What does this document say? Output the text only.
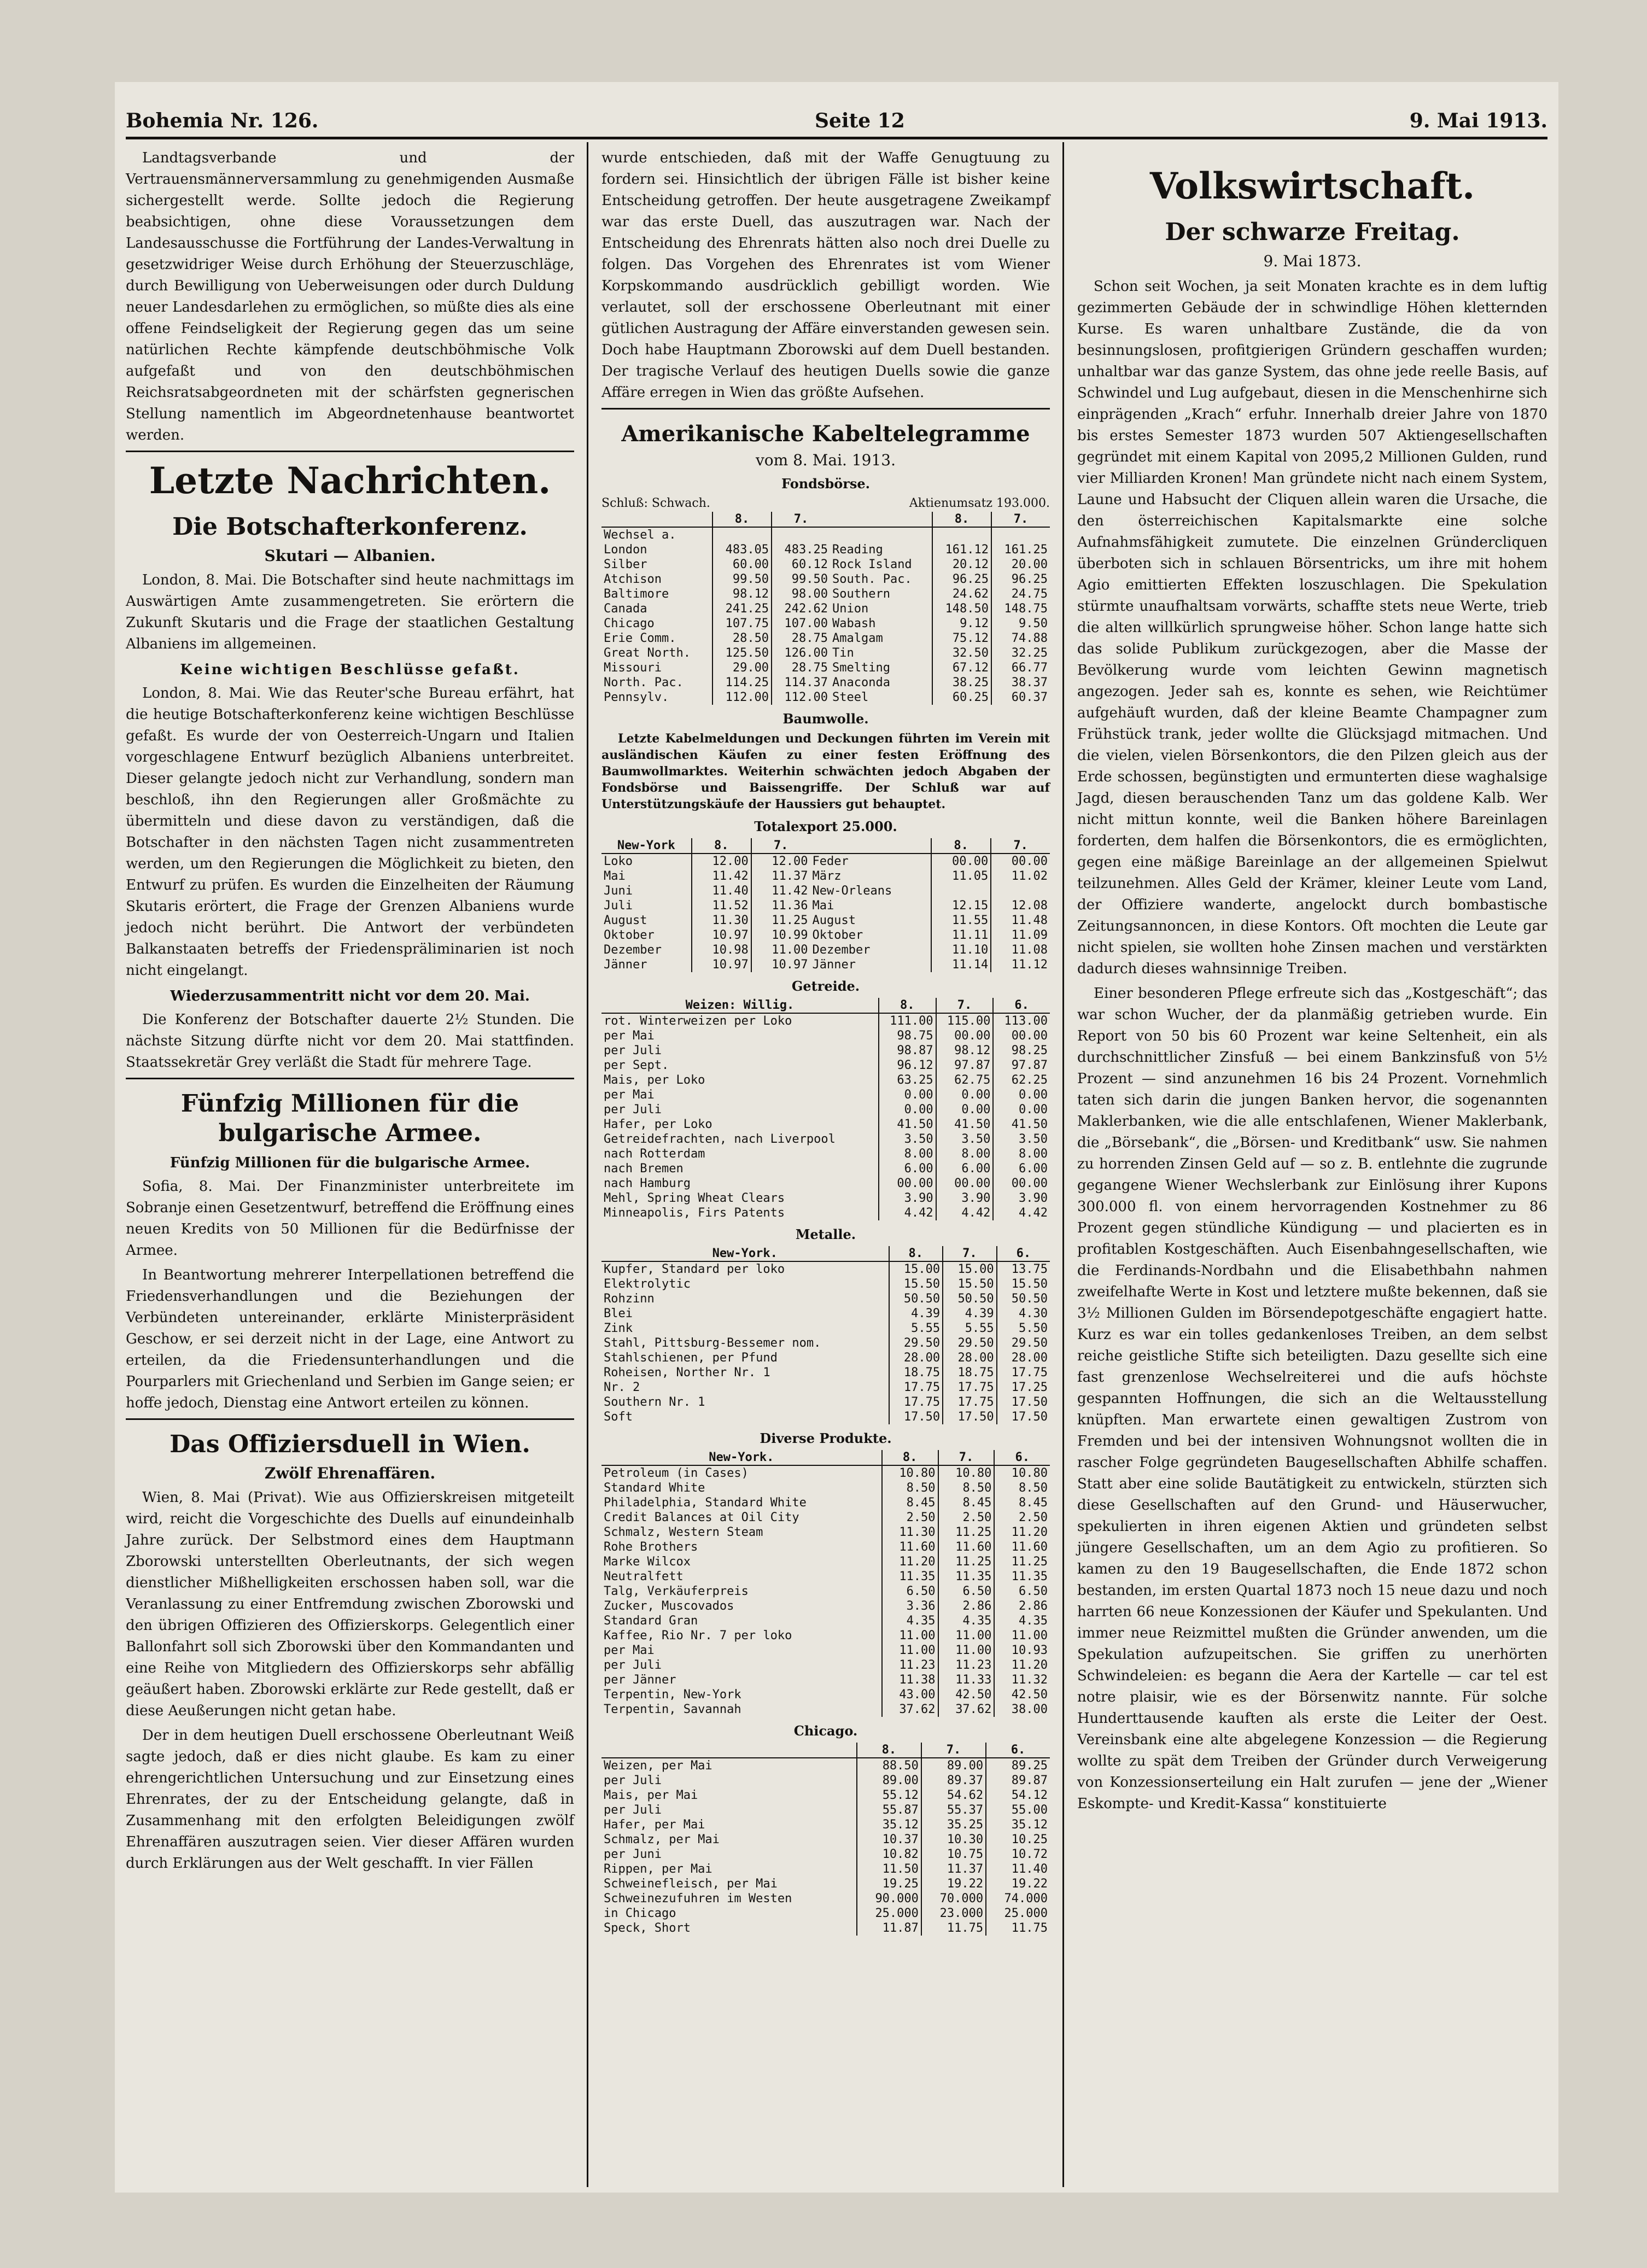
Bohemia Nr. 126.	Seite 12	9. Mai 1913.

Landtagsverbande und der Vertrauensmännerversammlung zu genehmigenden Ausmaße sichergestellt werde. Sollte jedoch die Regierung beabsichtigen, ohne diese Voraussetzungen dem Landesausschusse die Fortführung der Landes-Verwaltung in gesetzwidriger Weise durch Erhöhung der Steuerzuschläge, durch Bewilligung von Ueberweisungen oder durch Duldung neuer Landesdarlehen zu ermöglichen, so müßte dies als eine offene Feindseligkeit der Regierung gegen das um seine natürlichen Rechte kämpfende deutschböhmische Volk aufgefaßt und von den deutschböhmischen Reichsratsabgeordneten mit der schärfsten gegnerischen Stellung namentlich im Abgeordnetenhause beantwortet werden.

Letzte Nachrichten.
Die Botschafterkonferenz.
Skutari — Albanien.

London, 8. Mai. Die Botschafter sind heute nachmittags im Auswärtigen Amte zusammengetreten. Sie erörtern die Zukunft Skutaris und die Frage der staatlichen Gestaltung Albaniens im allgemeinen.

Keine wichtigen Beschlüsse gefaßt.

London, 8. Mai. Wie das Reuter'sche Bureau erfährt, hat die heutige Botschafterkonferenz keine wichtigen Beschlüsse gefaßt. Es wurde der von Oesterreich-Ungarn und Italien vorgeschlagene Entwurf bezüglich Albaniens unterbreitet. Dieser gelangte jedoch nicht zur Verhandlung, sondern man beschloß, ihn den Regierungen aller Großmächte zu übermitteln und diese davon zu verständigen, daß die Botschafter in den nächsten Tagen nicht zusammentreten werden, um den Regierungen die Möglichkeit zu bieten, den Entwurf zu prüfen. Es wurden die Einzelheiten der Räumung Skutaris erörtert, die Frage der Grenzen Albaniens wurde jedoch nicht berührt. Die Antwort der verbündeten Balkanstaaten betreffs der Friedenspräliminarien ist noch nicht eingelangt.

Wiederzusammentritt nicht vor dem 20. Mai.

Die Konferenz der Botschafter dauerte 2½ Stunden. Die nächste Sitzung dürfte nicht vor dem 20. Mai stattfinden. Staatssekretär Grey verläßt die Stadt für mehrere Tage.

Fünfzig Millionen für die bulgarische Armee.
Fünfzig Millionen für die bulgarische Armee.

Sofia, 8. Mai. Der Finanzminister unterbreitete im Sobranje einen Gesetzentwurf, betreffend die Eröffnung eines neuen Kredits von 50 Millionen für die Bedürfnisse der Armee.

In Beantwortung mehrerer Interpellationen betreffend die Friedensverhandlungen und die Beziehungen der Verbündeten untereinander, erklärte Ministerpräsident Geschow, er sei derzeit nicht in der Lage, eine Antwort zu erteilen, da die Friedensunterhandlungen und die Pourparlers mit Griechenland und Serbien im Gange seien; er hoffe jedoch, Dienstag eine Antwort erteilen zu können.

Das Offiziersduell in Wien.
Zwölf Ehrenaffären.

Wien, 8. Mai (Privat). Wie aus Offizierskreisen mitgeteilt wird, reicht die Vorgeschichte des Duells auf einundeinhalb Jahre zurück. Der Selbstmord eines dem Hauptmann Zborowski unterstellten Oberleutnants, der sich wegen dienstlicher Mißhelligkeiten erschossen haben soll, war die Veranlassung zu einer Entfremdung zwischen Zborowski und den übrigen Offizieren des Offizierskorps. Gelegentlich einer Ballonfahrt soll sich Zborowski über den Kommandanten und eine Reihe von Mitgliedern des Offizierskorps sehr abfällig geäußert haben. Zborowski erklärte zur Rede gestellt, daß er diese Aeußerungen nicht getan habe.

Der in dem heutigen Duell erschossene Oberleutnant Weiß sagte jedoch, daß er dies nicht glaube. Es kam zu einer ehrengerichtlichen Untersuchung und zur Einsetzung eines Ehrenrates, der zu der Entscheidung gelangte, daß in Zusammenhang mit den erfolgten Beleidigungen zwölf Ehrenaffären auszutragen seien. Vier dieser Affären wurden durch Erklärungen aus der Welt geschafft. In vier Fällen

wurde entschieden, daß mit der Waffe Genugtuung zu fordern sei. Hinsichtlich der übrigen Fälle ist bisher keine Entscheidung getroffen. Der heute ausgetragene Zweikampf war das erste Duell, das auszutragen war. Nach der Entscheidung des Ehrenrats hätten also noch drei Duelle zu folgen. Das Vorgehen des Ehrenrates ist vom Wiener Korpskommando ausdrücklich gebilligt worden. Wie verlautet, soll der erschossene Oberleutnant mit einer gütlichen Austragung der Affäre einverstanden gewesen sein. Doch habe Hauptmann Zborowski auf dem Duell bestanden. Der tragische Verlauf des heutigen Duells sowie die ganze Affäre erregen in Wien das größte Aufsehen.

Amerikanische Kabeltelegramme
vom 8. Mai. 1913.
Fondsbörse.
Schluß: Schwach.	Aktienumsatz 193.000.
	8.	7.		8.	7.
Wechsel a.					
London	483.05	483.25	Reading	161.12	161.25
Silber	60.00	60.12	Rock Island	20.12	20.00
Atchison	99.50	99.50	South. Pac.	96.25	96.25
Baltimore	98.12	98.00	Southern	24.62	24.75
Canada	241.25	242.62	Union	148.50	148.75
Chicago	107.75	107.00	Wabash	9.12	9.50
Erie Comm.	28.50	28.75	Amalgam	75.12	74.88
Great North.	125.50	126.00	Tin	32.50	32.25
Missouri	29.00	28.75	Smelting	67.12	66.77
North. Pac.	114.25	114.37	Anaconda	38.25	38.37
Pennsylv.	112.00	112.00	Steel	60.25	60.37
Baumwolle.

Letzte Kabelmeldungen und Deckungen führten im Verein mit ausländischen Käufen zu einer festen Eröffnung des Baumwollmarktes. Weiterhin schwächten jedoch Abgaben der Fondsbörse und Baissengriffe. Der Schluß war auf Unterstützungskäufe der Haussiers gut behauptet.

Totalexport 25.000.
New-York	8.	7.		8.	7.
Loko	12.00	12.00	Feder	00.00	00.00
Mai	11.42	11.37	März	11.05	11.02
Juni	11.40	11.42	New-Orleans		
Juli	11.52	11.36	Mai	12.15	12.08
August	11.30	11.25	August	11.55	11.48
Oktober	10.97	10.99	Oktober	11.11	11.09
Dezember	10.98	11.00	Dezember	11.10	11.08
Jänner	10.97	10.97	Jänner	11.14	11.12
Getreide.
Weizen: Willig.	8.	7.	6.
rot. Winterweizen per Loko	111.00	115.00	113.00
per Mai	98.75	00.00	00.00
per Juli	98.87	98.12	98.25
per Sept.	96.12	97.87	97.87
Mais, per Loko	63.25	62.75	62.25
per Mai	0.00	0.00	0.00
per Juli	0.00	0.00	0.00
Hafer, per Loko	41.50	41.50	41.50
Getreidefrachten, nach Liverpool	3.50	3.50	3.50
nach Rotterdam	8.00	8.00	8.00
nach Bremen	6.00	6.00	6.00
nach Hamburg	00.00	00.00	00.00
Mehl, Spring Wheat Clears	3.90	3.90	3.90
Minneapolis, Firs Patents	4.42	4.42	4.42
Metalle.
New-York.	8.	7.	6.
Kupfer, Standard per loko	15.00	15.00	13.75
Elektrolytic	15.50	15.50	15.50
Rohzinn	50.50	50.50	50.50
Blei	4.39	4.39	4.30
Zink	5.55	5.55	5.50
Stahl, Pittsburg-Bessemer nom.	29.50	29.50	29.50
Stahlschienen, per Pfund	28.00	28.00	28.00
Roheisen, Norther Nr. 1	18.75	18.75	17.75
Nr. 2	17.75	17.75	17.25
Southern Nr. 1	17.75	17.75	17.50
Soft	17.50	17.50	17.50
Diverse Produkte.
New-York.	8.	7.	6.
Petroleum (in Cases)	10.80	10.80	10.80
Standard White	8.50	8.50	8.50
Philadelphia, Standard White	8.45	8.45	8.45
Credit Balances at Oil City	2.50	2.50	2.50
Schmalz, Western Steam	11.30	11.25	11.20
Rohe Brothers	11.60	11.60	11.60
Marke Wilcox	11.20	11.25	11.25
Neutralfett	11.35	11.35	11.35
Talg, Verkäuferpreis	6.50	6.50	6.50
Zucker, Muscovados	3.36	2.86	2.86
Standard Gran	4.35	4.35	4.35
Kaffee, Rio Nr. 7 per loko	11.00	11.00	11.00
per Mai	11.00	11.00	10.93
per Juli	11.23	11.23	11.20
per Jänner	11.38	11.33	11.32
Terpentin, New-York	43.00	42.50	42.50
Terpentin, Savannah	37.62	37.62	38.00
Chicago.
	8.	7.	6.
Weizen, per Mai	88.50	89.00	89.25
per Juli	89.00	89.37	89.87
Mais, per Mai	55.12	54.62	54.12
per Juli	55.87	55.37	55.00
Hafer, per Mai	35.12	35.25	35.12
Schmalz, per Mai	10.37	10.30	10.25
per Juni	10.82	10.75	10.72
Rippen, per Mai	11.50	11.37	11.40
Schweinefleisch, per Mai	19.25	19.22	19.22
Schweinezufuhren im Westen	90.000	70.000	74.000
in Chicago	25.000	23.000	25.000
Speck, Short	11.87	11.75	11.75
Volkswirtschaft.
Der schwarze Freitag.
9. Mai 1873.

Schon seit Wochen, ja seit Monaten krachte es in dem luftig gezimmerten Gebäude der in schwindlige Höhen kletternden Kurse. Es waren unhaltbare Zustände, die da von besinnungslosen, profitgierigen Gründern geschaffen wurden; unhaltbar war das ganze System, das ohne jede reelle Basis, auf Schwindel und Lug aufgebaut, diesen in die Menschenhirne sich einprägenden „Krach“ erfuhr. Innerhalb dreier Jahre von 1870 bis erstes Semester 1873 wurden 507 Aktiengesellschaften gegründet mit einem Kapital von 2095,2 Millionen Gulden, rund vier Milliarden Kronen! Man gründete nicht nach einem System, Laune und Habsucht der Cliquen allein waren die Ursache, die den österreichischen Kapitalsmarkte eine solche Aufnahmsfähigkeit zumutete. Die einzelnen Gründercliquen überboten sich in schlauen Börsentricks, um ihre mit hohem Agio emittierten Effekten loszuschlagen. Die Spekulation stürmte unaufhaltsam vorwärts, schaffte stets neue Werte, trieb die alten willkürlich sprungweise höher. Schon lange hatte sich das solide Publikum zurückgezogen, aber die Masse der Bevölkerung wurde vom leichten Gewinn magnetisch angezogen. Jeder sah es, konnte es sehen, wie Reichtümer aufgehäuft wurden, daß der kleine Beamte Champagner zum Frühstück trank, jeder wollte die Glücksjagd mitmachen. Und die vielen, vielen Börsenkontors, die den Pilzen gleich aus der Erde schossen, begünstigten und ermunterten diese waghalsige Jagd, diesen berauschenden Tanz um das goldene Kalb. Wer nicht mittun konnte, weil die Banken höhere Bareinlagen forderten, dem halfen die Börsenkontors, die es ermöglichten, gegen eine mäßige Bareinlage an der allgemeinen Spielwut teilzunehmen. Alles Geld der Krämer, kleiner Leute vom Land, der Offiziere wanderte, angelockt durch bombastische Zeitungsannoncen, in diese Kontors. Oft mochten die Leute gar nicht spielen, sie wollten hohe Zinsen machen und verstärkten dadurch dieses wahnsinnige Treiben.

Einer besonderen Pflege erfreute sich das „Kostgeschäft“; das war schon Wucher, der da planmäßig getrieben wurde. Ein Report von 50 bis 60 Prozent war keine Seltenheit, ein als durchschnittlicher Zinsfuß — bei einem Bankzinsfuß von 5½ Prozent — sind anzunehmen 16 bis 24 Prozent. Vornehmlich taten sich darin die jungen Banken hervor, die sogenannten Maklerbanken, wie die alle entschlafenen, Wiener Maklerbank, die „Börsebank“, die „Börsen- und Kreditbank“ usw. Sie nahmen zu horrenden Zinsen Geld auf — so z. B. entlehnte die zugrunde gegangene Wiener Wechslerbank zur Einlösung ihrer Kupons 300.000 fl. von einem hervorragenden Kostnehmer zu 86 Prozent gegen stündliche Kündigung — und placierten es in profitablen Kostgeschäften. Auch Eisenbahngesellschaften, wie die Ferdinands-Nordbahn und die Elisabethbahn nahmen zweifelhafte Werte in Kost und letztere mußte bekennen, daß sie 3½ Millionen Gulden im Börsendepotgeschäfte engagiert hatte. Kurz es war ein tolles gedankenloses Treiben, an dem selbst reiche geistliche Stifte sich beteiligten. Dazu gesellte sich eine fast grenzenlose Wechselreiterei und die aufs höchste gespannten Hoffnungen, die sich an die Weltausstellung knüpften. Man erwartete einen gewaltigen Zustrom von Fremden und bei der intensiven Wohnungsnot wollten die in rascher Folge gegründeten Baugesellschaften Abhilfe schaffen. Statt aber eine solide Bautätigkeit zu entwickeln, stürzten sich diese Gesellschaften auf den Grund- und Häuserwucher, spekulierten in ihren eigenen Aktien und gründeten selbst jüngere Gesellschaften, um an dem Agio zu profitieren. So kamen zu den 19 Baugesellschaften, die Ende 1872 schon bestanden, im ersten Quartal 1873 noch 15 neue dazu und noch harrten 66 neue Konzessionen der Käufer und Spekulanten. Und immer neue Reizmittel mußten die Gründer anwenden, um die Spekulation aufzupeitschen. Sie griffen zu unerhörten Schwindeleien: es begann die Aera der Kartelle — car tel est notre plaisir, wie es der Börsenwitz nannte. Für solche Hunderttausende kauften als erste die Leiter der Oest. Vereinsbank eine alte abgelegene Konzession — die Regierung wollte zu spät dem Treiben der Gründer durch Verweigerung von Konzessionserteilung ein Halt zurufen — jene der „Wiener Eskompte- und Kredit-Kassa“ konstituierte
